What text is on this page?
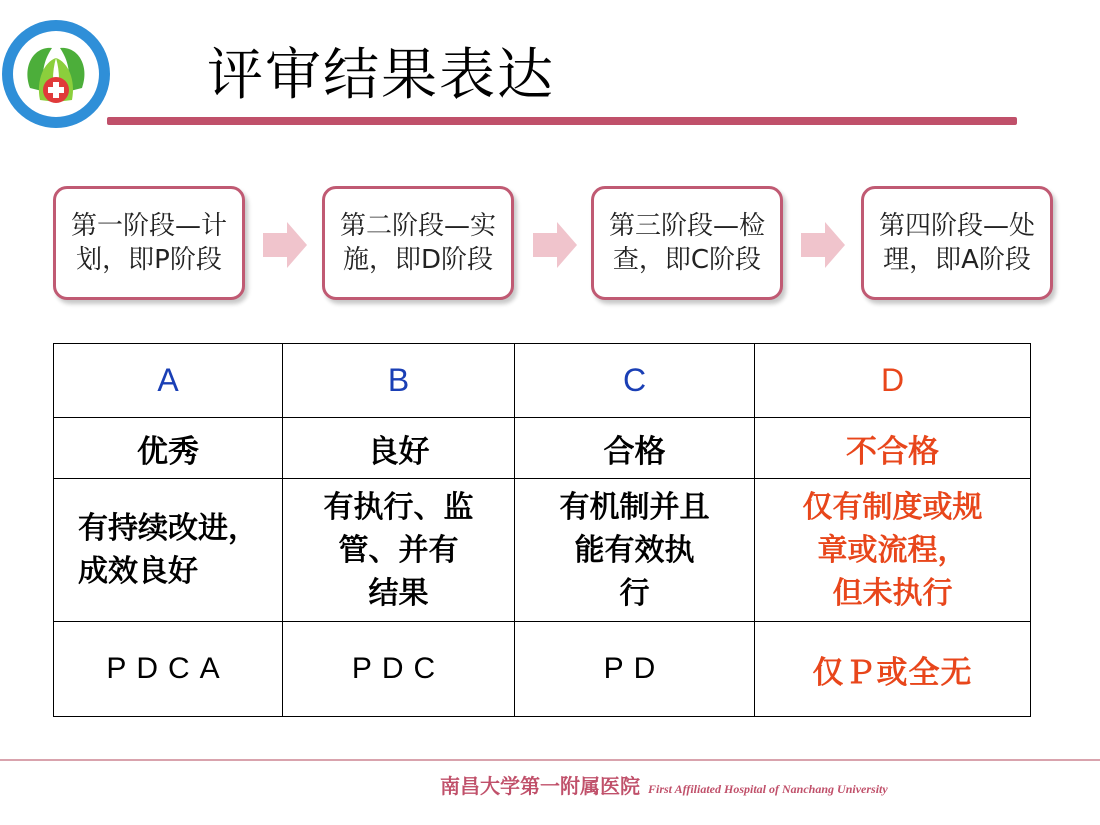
评审结果表达
第一阶段—计
划，即P阶段
第二阶段—实
施，即D阶段
第三阶段—检
查，即C阶段
第四阶段—处
理，即A阶段
A	B	C	D
优秀	良好	合格	不合格
有持续改进，
成效良好	有执行、监
管、并有
结果	有机制并且
能有效执
行	仅有制度或规
章或流程，
但未执行
PDCA	PDC	PD	仅Ｐ或全无
南昌大学第一附属医院 First Affiliated Hospital of Nanchang University
